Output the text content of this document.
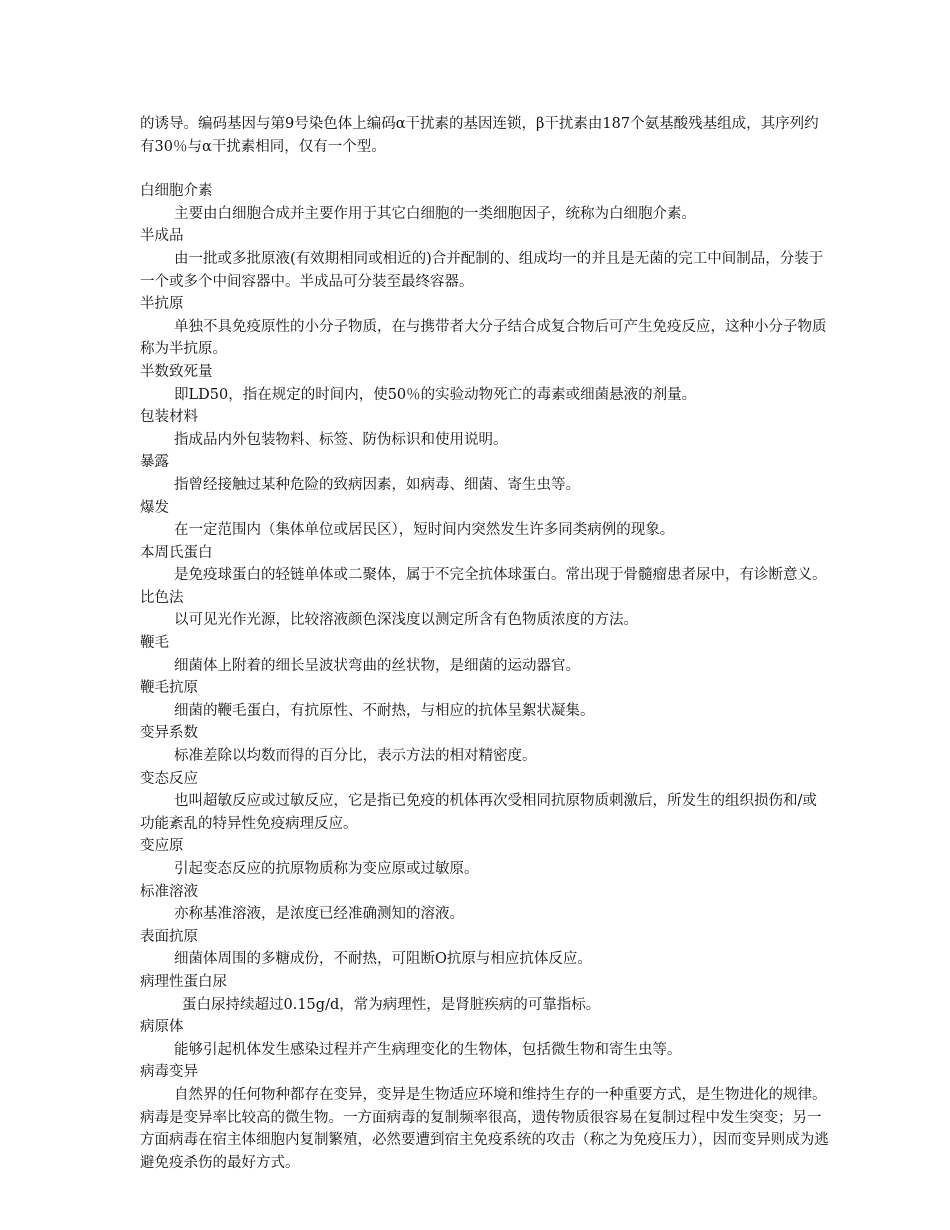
的诱导。编码基因与第9号染色体上编码α干扰素的基因连锁，β干扰素由187个氨基酸残基组成，其序列约有30％与α干扰素相同，仅有一个型。

白细胞介素

主要由白细胞合成并主要作用于其它白细胞的一类细胞因子，统称为白细胞介素。

半成品

由一批或多批原液(有效期相同或相近的)合并配制的、组成均一的并且是无菌的完工中间制品，分装于一个或多个中间容器中。半成品可分装至最终容器。

半抗原

单独不具免疫原性的小分子物质，在与携带者大分子结合成复合物后可产生免疫反应，这种小分子物质称为半抗原。

半数致死量

即LD50，指在规定的时间内，使50％的实验动物死亡的毒素或细菌悬液的剂量。

包装材料

指成品内外包装物料、标签、防伪标识和使用说明。

暴露

指曾经接触过某种危险的致病因素，如病毒、细菌、寄生虫等。

爆发

在一定范围内（集体单位或居民区），短时间内突然发生许多同类病例的现象。

本周氏蛋白

是免疫球蛋白的轻链单体或二聚体，属于不完全抗体球蛋白。常出现于骨髓瘤患者尿中，有诊断意义。

比色法

以可见光作光源，比较溶液颜色深浅度以测定所含有色物质浓度的方法。

鞭毛

细菌体上附着的细长呈波状弯曲的丝状物，是细菌的运动器官。

鞭毛抗原

细菌的鞭毛蛋白，有抗原性、不耐热，与相应的抗体呈絮状凝集。

变异系数

标准差除以均数而得的百分比，表示方法的相对精密度。

变态反应

也叫超敏反应或过敏反应，它是指已免疫的机体再次受相同抗原物质刺激后，所发生的组织损伤和/或功能紊乱的特异性免疫病理反应。

变应原

引起变态反应的抗原物质称为变应原或过敏原。

标准溶液

亦称基准溶液，是浓度已经准确测知的溶液。

表面抗原

细菌体周围的多糖成份，不耐热，可阻断O抗原与相应抗体反应。

病理性蛋白尿

蛋白尿持续超过0.15g/d，常为病理性，是肾脏疾病的可靠指标。

病原体

能够引起机体发生感染过程并产生病理变化的生物体，包括微生物和寄生虫等。

病毒变异

自然界的任何物种都存在变异，变异是生物适应环境和维持生存的一种重要方式，是生物进化的规律。病毒是变异率比较高的微生物。一方面病毒的复制频率很高，遗传物质很容易在复制过程中发生突变；另一方面病毒在宿主体细胞内复制繁殖，必然要遭到宿主免疫系统的攻击（称之为免疫压力），因而变异则成为逃避免疫杀伤的最好方式。
